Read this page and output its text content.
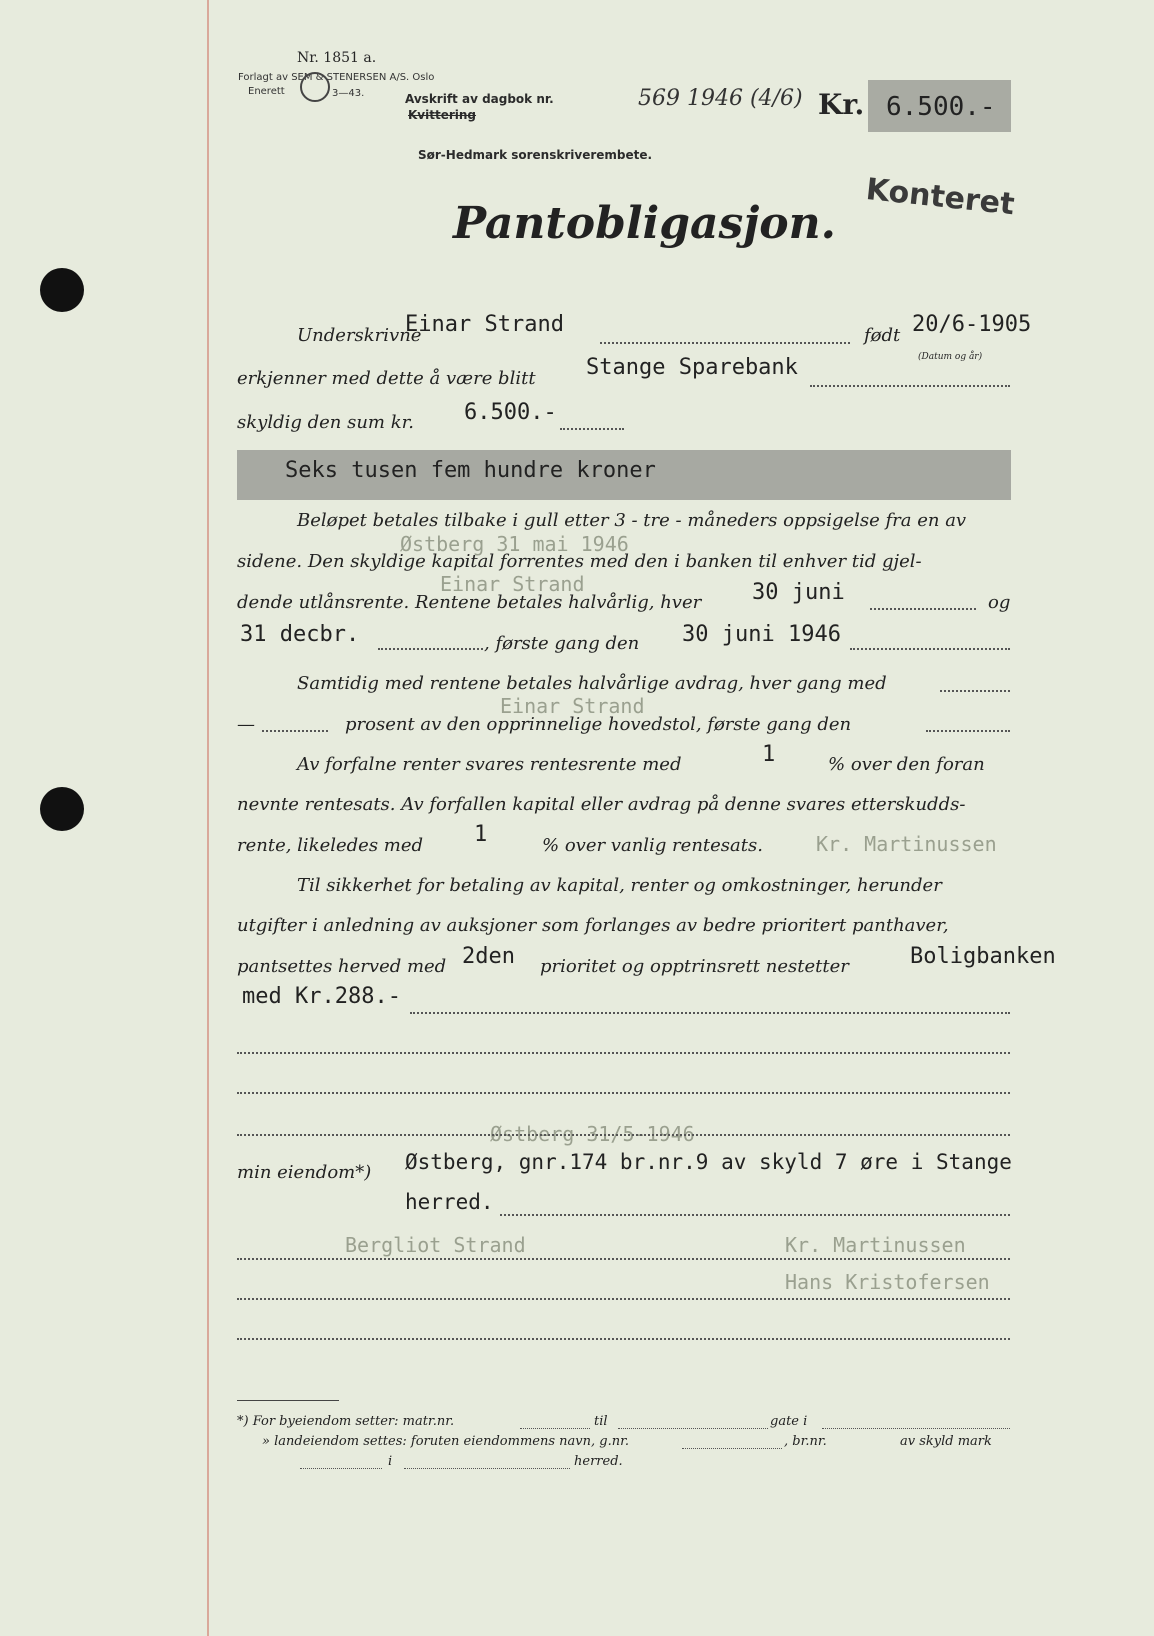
Nr. 1851 a.
Forlagt av SEM & STENERSEN A/S. Oslo
Enerett	3—43.	Avskrift av dagbok nr.
Kvittering
569 1946 (4/6)
Sør-Hedmark sorenskriverembete.
Kr. 6.500.-
Konteret
Pantobligasjon.
Underskrivne
Einar Strand	født 20/6-1905
(Datum og år)
erkjenner med dette å være blitt Stange Sparebank
skyldig den sum kr. 6.500.-
Seks tusen fem hundre kroner
Beløpet betales tilbake i gull etter 3 - tre - måneders oppsigelse fra en av
Østberg 31 mai 1946
sidene. Den skyldige kapital forrentes med den i banken til enhver tid gjel-
Einar Strand
dende utlånsrente. Rentene betales halvårlig, hver 30 juni	og
31 decbr.	, første gang den 30 juni 1946
Samtidig med rentene betales halvårlige avdrag, hver gang med
Einar Strand
—	prosent av den opprinnelige hovedstol, første gang den
Av forfalne renter svares rentesrente med	1	% over den foran
nevnte rentesats. Av forfallen kapital eller avdrag på denne svares etterskudds-
rente, likeledes med 1	% over vanlig rentesats.	Kr. Martinussen
Til sikkerhet for betaling av kapital, renter og omkostninger, herunder
utgifter i anledning av auksjoner som forlanges av bedre prioritert panthaver,
pantsettes herved med 2den prioritet og opptrinsrett nestetter	Boligbanken
med Kr.288.-
Østberg 31/5-1946
min eiendom*) Østberg, gnr.174 br.nr.9 av skyld 7 øre i Stange
herred.
Bergliot Strand	Kr. Martinussen
Hans Kristofersen
*) For byeiendom setter: matr.nr.	til	gate i
» landeiendom settes: foruten eiendommens navn, g.nr.	, br.nr.	av skyld mark
i	herred.
